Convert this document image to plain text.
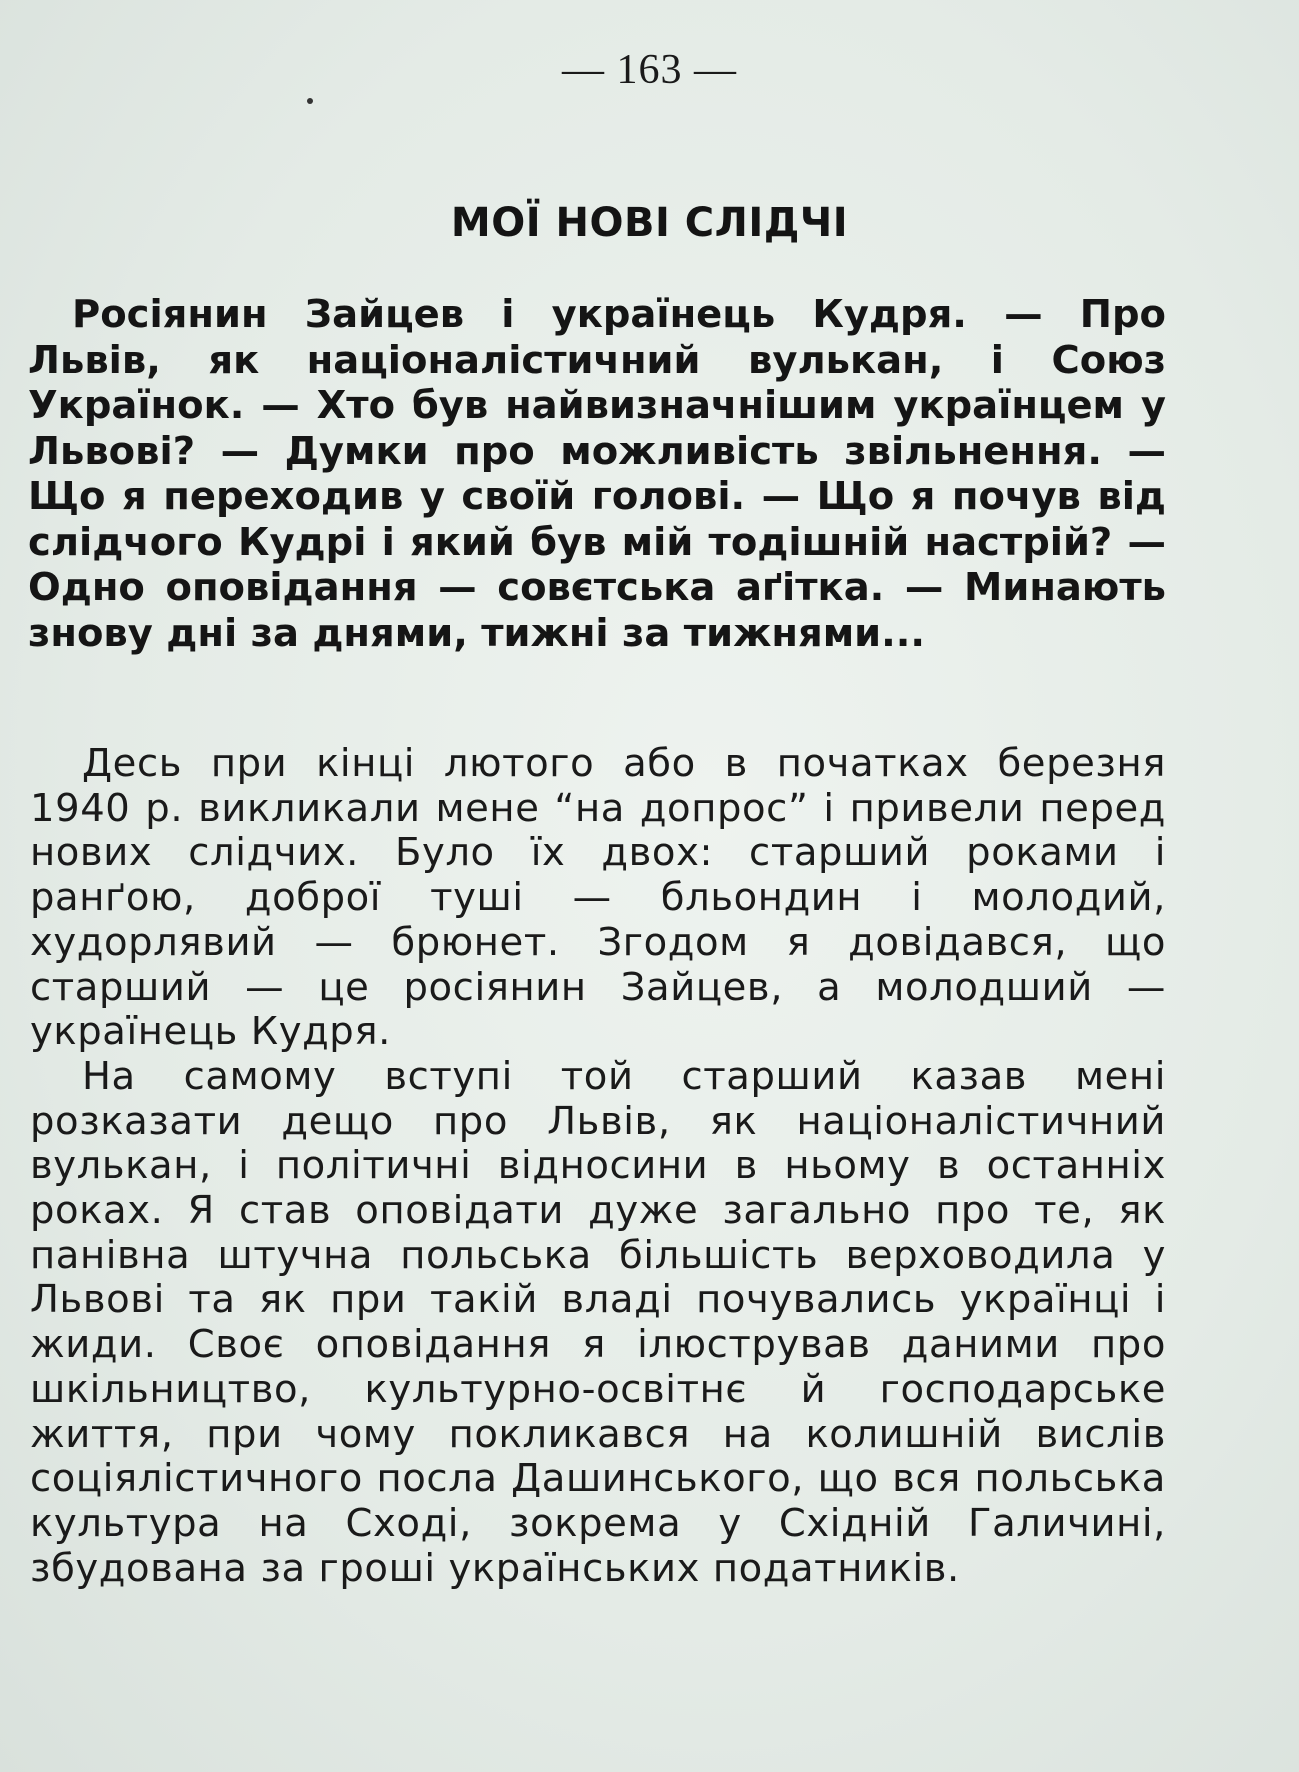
— 163 —
МОЇ НОВІ СЛІДЧІ

Росіянин Зайцев і українець Кудря. — Про Львів, як націоналістичний вулькан, і Союз Українок. — Хто був найвизначнішим українцем у Львові? — Думки про можливість звільнення. — Що я переходив у своїй голові. — Що я почув від слідчого Кудрі і який був мій тодішній настрій? — Одно оповідання — совєтська аґітка. — Минають знову дні за днями, тижні за тижнями...

Десь при кінці лютого або в початках березня 1940 р. викликали мене “на допрос” і привели перед нових слідчих. Було їх двох: старший роками і ранґою, доброї туші — бльондин і молодий, худорлявий — брюнет. Згодом я довідався, що старший — це росіянин Зайцев, а молодший — українець Кудря.

На самому вступі той старший казав мені розказати дещо про Львів, як націоналістичний вулькан, і політичні відносини в ньому в останніх роках. Я став оповідати дуже загально про те, як панівна штучна польська більшість верховодила у Львові та як при такій владі почувались українці і жиди. Своє оповідання я ілюстрував даними про шкільництво, культурно-освітнє й господарське життя, при чому покликався на колишній вислів соціялістичного посла Дашинського, що вся польська культура на Сході, зокрема у Східній Галичині, збудована за гроші українських податників.
